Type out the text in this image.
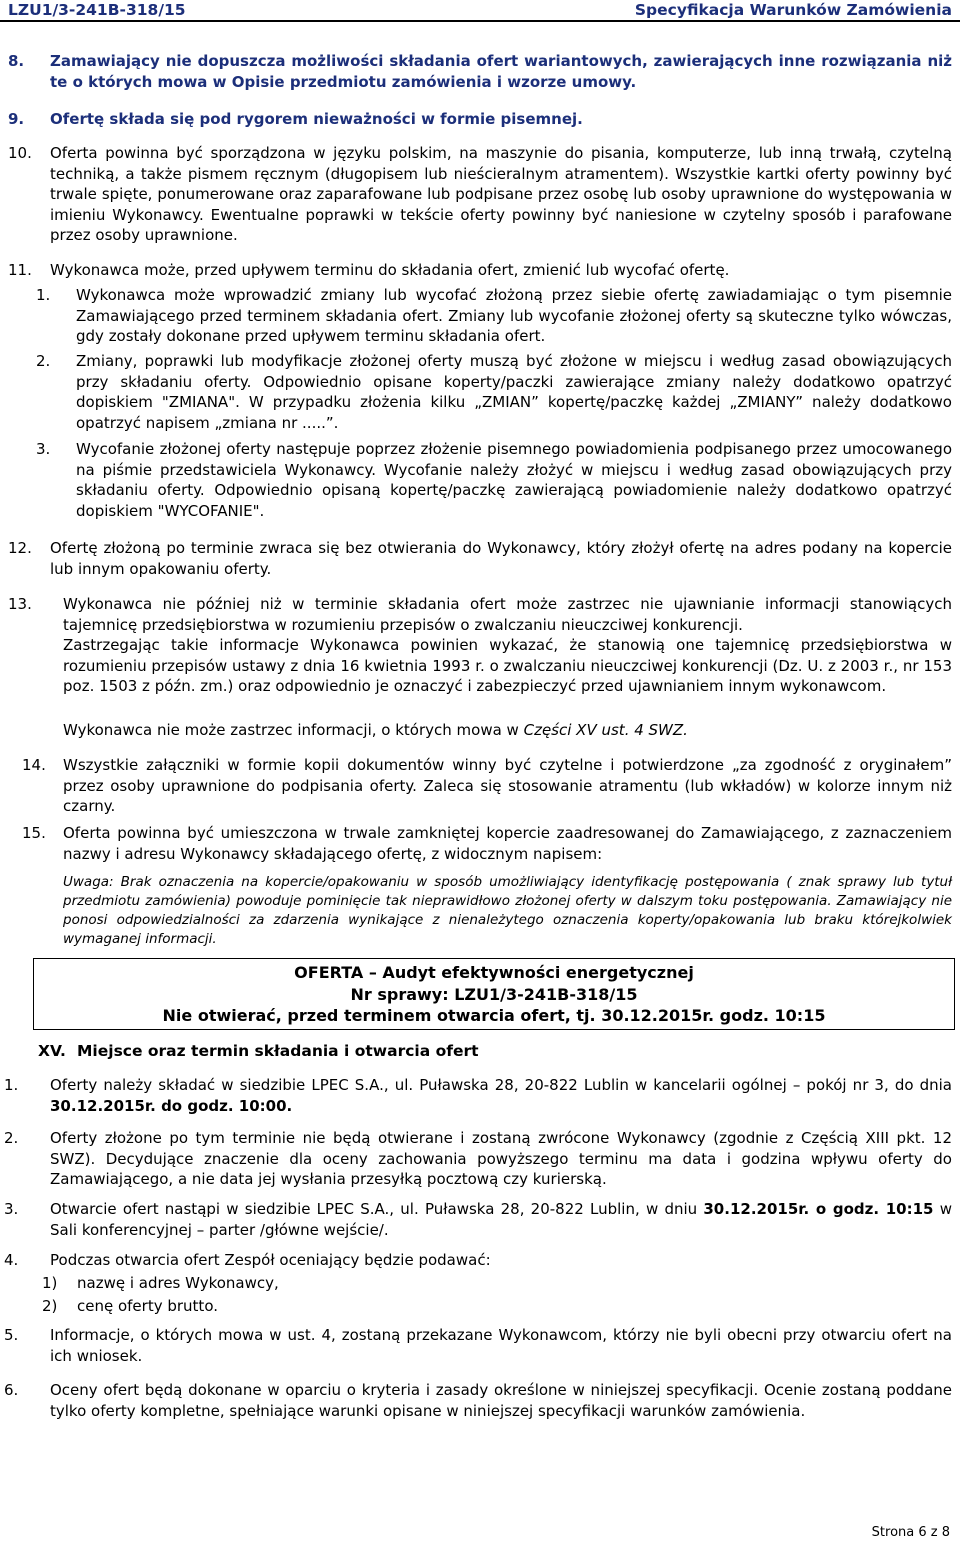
LZU1/3-241B-318/15	Specyfikacja Warunków Zamówienia
8. Zamawiający nie dopuszcza możliwości składania ofert wariantowych, zawierających inne rozwiązania niż te o których mowa w Opisie przedmiotu zamówienia i wzorze umowy.

9. Ofertę składa się pod rygorem nieważności w formie pisemnej.

10. Oferta powinna być sporządzona w języku polskim, na maszynie do pisania, komputerze, lub inną trwałą, czytelną techniką, a także pismem ręcznym (długopisem lub nieścieralnym atramentem). Wszystkie kartki oferty powinny być trwale spięte, ponumerowane oraz zaparafowane lub podpisane przez osobę lub osoby uprawnione do występowania w imieniu Wykonawcy. Ewentualne poprawki w tekście oferty powinny być naniesione w czytelny sposób i parafowane przez osoby uprawnione.

11. Wykonawca może, przed upływem terminu do składania ofert, zmienić lub wycofać ofertę.

1. Wykonawca może wprowadzić zmiany lub wycofać złożoną przez siebie ofertę zawiadamiając o tym pisemnie Zamawiającego przed terminem składania ofert. Zmiany lub wycofanie złożonej oferty są skuteczne tylko wówczas, gdy zostały dokonane przed upływem terminu składania ofert.

2. Zmiany, poprawki lub modyfikacje złożonej oferty muszą być złożone w miejscu i według zasad obowiązujących przy składaniu oferty. Odpowiednio opisane koperty/paczki zawierające zmiany należy dodatkowo opatrzyć dopiskiem "ZMIANA". W przypadku złożenia kilku „ZMIAN” kopertę/paczkę każdej „ZMIANY” należy dodatkowo opatrzyć napisem „zmiana nr .....”.

3. Wycofanie złożonej oferty następuje poprzez złożenie pisemnego powiadomienia podpisanego przez umocowanego na piśmie przedstawiciela Wykonawcy. Wycofanie należy złożyć w miejscu i według zasad obowiązujących przy składaniu oferty. Odpowiednio opisaną kopertę/paczkę zawierającą powiadomienie należy dodatkowo opatrzyć dopiskiem "WYCOFANIE".

12. Ofertę złożoną po terminie zwraca się bez otwierania do Wykonawcy, który złożył ofertę na adres podany na kopercie lub innym opakowaniu oferty.

13. Wykonawca nie później niż w terminie składania ofert może zastrzec nie ujawnianie informacji stanowiących tajemnicę przedsiębiorstwa w rozumieniu przepisów o zwalczaniu nieuczciwej konkurencji.

Zastrzegając takie informacje Wykonawca powinien wykazać, że stanowią one tajemnicę przedsiębiorstwa w rozumieniu przepisów ustawy z dnia 16 kwietnia 1993 r. o zwalczaniu nieuczciwej konkurencji (Dz. U. z 2003 r., nr 153 poz. 1503 z późn. zm.) oraz odpowiednio je oznaczyć i zabezpieczyć przed ujawnianiem innym wykonawcom.

Wykonawca nie może zastrzec informacji, o których mowa w Części XV ust. 4 SWZ.

14. Wszystkie załączniki w formie kopii dokumentów winny być czytelne i potwierdzone „za zgodność z oryginałem” przez osoby uprawnione do podpisania oferty. Zaleca się stosowanie atramentu (lub wkładów) w kolorze innym niż czarny.

15. Oferta powinna być umieszczona w trwale zamkniętej kopercie zaadresowanej do Zamawiającego, z zaznaczeniem nazwy i adresu Wykonawcy składającego ofertę, z widocznym napisem:

Uwaga: Brak oznaczenia na kopercie/opakowaniu w sposób umożliwiający identyfikację postępowania ( znak sprawy lub tytuł przedmiotu zamówienia) powoduje pominięcie tak nieprawidłowo złożonej oferty w dalszym toku postępowania. Zamawiający nie ponosi odpowiedzialności za zdarzenia wynikające z nienależytego oznaczenia koperty/opakowania lub braku którejkolwiek wymaganej informacji.

OFERTA – Audyt efektywności energetycznej
Nr sprawy: LZU1/3-241B-318/15
Nie otwierać, przed terminem otwarcia ofert, tj. 30.12.2015r. godz. 10:15
XV. Miejsce oraz termin składania i otwarcia ofert
1. Oferty należy składać w siedzibie LPEC S.A., ul. Puławska 28, 20-822 Lublin w kancelarii ogólnej – pokój nr 3, do dnia 30.12.2015r. do godz. 10:00.

2. Oferty złożone po tym terminie nie będą otwierane i zostaną zwrócone Wykonawcy (zgodnie z Częścią XIII pkt. 12 SWZ). Decydujące znaczenie dla oceny zachowania powyższego terminu ma data i godzina wpływu oferty do Zamawiającego, a nie data jej wysłania przesyłką pocztową czy kurierską.

3. Otwarcie ofert nastąpi w siedzibie LPEC S.A., ul. Puławska 28, 20-822 Lublin, w dniu 30.12.2015r. o godz. 10:15 w Sali konferencyjnej – parter /główne wejście/.

4. Podczas otwarcia ofert Zespół oceniający będzie podawać:

1) nazwę i adres Wykonawcy,
2) cenę oferty brutto.
5. Informacje, o których mowa w ust. 4, zostaną przekazane Wykonawcom, którzy nie byli obecni przy otwarciu ofert na ich wniosek.

6. Oceny ofert będą dokonane w oparciu o kryteria i zasady określone w niniejszej specyfikacji. Ocenie zostaną poddane tylko oferty kompletne, spełniające warunki opisane w niniejszej specyfikacji warunków zamówienia.

Strona 6 z 8
